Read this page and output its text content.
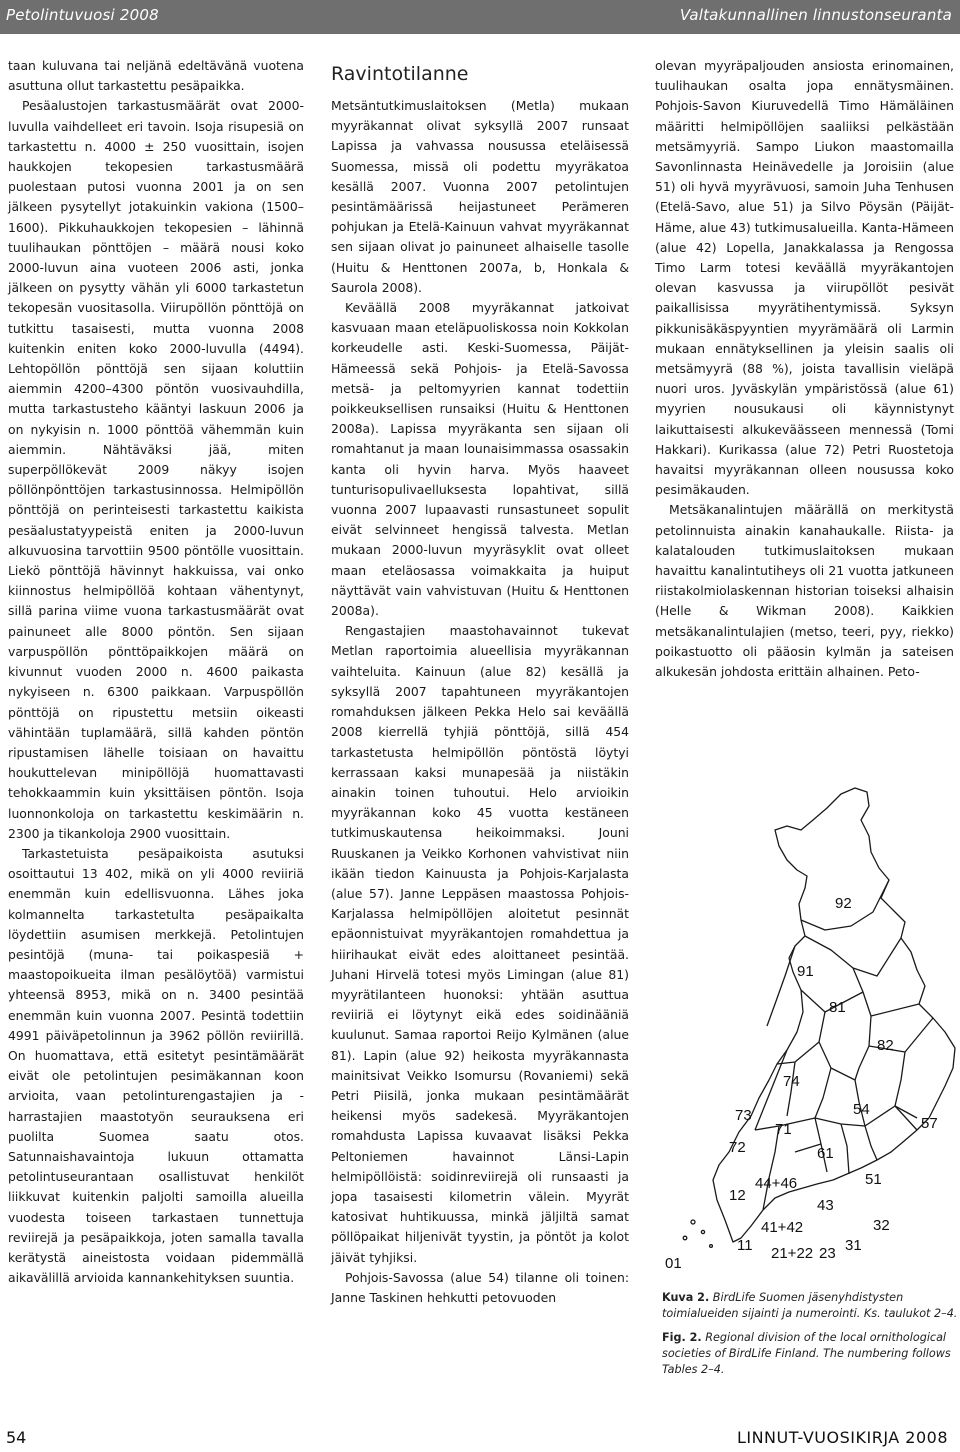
Petolintuvuosi 2008	Valtakunnallinen linnustonseuranta

taan kuluvana tai neljänä edeltävänä vuotena asuttuna ollut tarkastettu pesäpaikka.

Pesäalustojen tarkastusmäärät ovat 2000-luvulla vaihdelleet eri tavoin. Isoja risupesiä on tarkastettu n. 4000 ± 250 vuosittain, isojen haukkojen tekopesien tarkastusmäärä puolestaan putosi vuonna 2001 ja on sen jälkeen pysytellyt jotakuinkin vakiona (1500–1600). Pikkuhaukkojen tekopesien – lähinnä tuulihaukan pönttöjen – määrä nousi koko 2000-luvun aina vuoteen 2006 asti, jonka jälkeen on pysytty vähän yli 6000 tarkastetun tekopesän vuositasolla. Viirupöllön pönttöjä on tutkittu tasaisesti, mutta vuonna 2008 kuitenkin eniten koko 2000-luvulla (4494). Lehtopöllön pönttöjä sen sijaan koluttiin aiemmin 4200–4300 pöntön vuosivauhdilla, mutta tarkastusteho kääntyi laskuun 2006 ja on nykyisin n. 1000 pönttöä vähemmän kuin aiemmin. Nähtäväksi jää, miten superpöllökevät 2009 näkyy isojen pöllönpönttöjen tarkastusinnossa. Helmipöllön pönttöjä on perinteisesti tarkastettu kaikista pesäalustatyypeistä eniten ja 2000-luvun alkuvuosina tarvottiin 9500 pöntölle vuosittain. Liekö pönttöjä hävinnyt hakkuissa, vai onko kiinnostus helmipöllöä kohtaan vähentynyt, sillä parina viime vuona tarkastusmäärät ovat painuneet alle 8000 pöntön. Sen sijaan varpuspöllön pönttöpaikkojen määrä on kivunnut vuoden 2000 n. 4600 paikasta nykyiseen n. 6300 paikkaan. Varpuspöllön pönttöjä on ripustettu metsiin oikeasti vähintään tuplamäärä, sillä kahden pöntön ripustamisen lähelle toisiaan on havaittu houkuttelevan minipöllöjä huomattavasti tehokkaammin kuin yksittäisen pöntön. Isoja luonnonkoloja on tarkastettu keskimäärin n. 2300 ja tikankoloja 2900 vuosittain.

Tarkastetuista pesäpaikoista asutuksi osoittautui 13 402, mikä on yli 4000 reviiriä enemmän kuin edellisvuonna. Lähes joka kolmannelta tarkastetulta pesäpaikalta löydettiin asumisen merkkejä. Petolintujen pesintöjä (muna- tai poikaspesiä + maastopoikueita ilman pesälöytöä) varmistui yhteensä 8953, mikä on n. 3400 pesintää enemmän kuin vuonna 2007. Pesintä todettiin 4991 päiväpetolinnun ja 3962 pöllön reviirillä. On huomattava, että esitetyt pesintämäärät eivät ole petolintujen pesimäkannan koon arvioita, vaan petolinturengastajien ja -harrastajien maastotyön seurauksena eri puolilta Suomea saatu otos. Satunnaishavaintoja lukuun ottamatta petolintuseurantaan osallistuvat henkilöt liikkuvat kuitenkin paljolti samoilla alueilla vuodesta toiseen tarkastaen tunnettuja reviirejä ja pesäpaikkoja, joten samalla tavalla kerätystä aineistosta voidaan pidemmällä aikavälillä arvioida kannankehityksen suuntia.

Ravintotilanne

Metsäntutkimuslaitoksen (Metla) mukaan myyräkannat olivat syksyllä 2007 runsaat Lapissa ja vahvassa nousussa eteläisessä Suomessa, missä oli podettu myyräkatoa kesällä 2007. Vuonna 2007 petolintujen pesintämäärissä heijastuneet Perämeren pohjukan ja Etelä-Kainuun vahvat myyräkannat sen sijaan olivat jo painuneet alhaiselle tasolle (Huitu & Henttonen 2007a, b, Honkala & Saurola 2008).

Keväällä 2008 myyräkannat jatkoivat kasvuaan maan eteläpuoliskossa noin Kokkolan korkeudelle asti. Keski-Suomessa, Päijät-Hämeessä sekä Pohjois- ja Etelä-Savossa metsä- ja peltomyyrien kannat todettiin poikkeuksellisen runsaiksi (Huitu & Henttonen 2008a). Lapissa myyräkanta sen sijaan oli romahtanut ja maan lounaisimmassa osassakin kanta oli hyvin harva. Myös haaveet tunturisopulivaelluksesta lopahtivat, sillä vuonna 2007 lupaavasti runsastuneet sopulit eivät selvinneet hengissä talvesta. Metlan mukaan 2000-luvun myyräsyklit ovat olleet maan eteläosassa voimakkaita ja huiput näyttävät vain vahvistuvan (Huitu & Henttonen 2008a).

Rengastajien maastohavainnot tukevat Metlan raportoimia alueellisia myyräkannan vaihteluita. Kainuun (alue 82) kesällä ja syksyllä 2007 tapahtuneen myyräkantojen romahduksen jälkeen Pekka Helo sai keväällä 2008 kierrellä tyhjiä pönttöjä, sillä 454 tarkastetusta helmipöllön pöntöstä löytyi kerrassaan kaksi munapesää ja niistäkin ainakin toinen tuhoutui. Helo arvioikin myyräkannan koko 45 vuotta kestäneen tutkimuskautensa heikoimmaksi. Jouni Ruuskanen ja Veikko Korhonen vahvistivat niin ikään tiedon Kainuusta ja Pohjois-Karjalasta (alue 57). Janne Leppäsen maastossa Pohjois-Karjalassa helmipöllöjen aloitetut pesinnät epäonnistuivat myyräkantojen romahdettua ja hiirihaukat eivät edes aloittaneet pesintää. Juhani Hirvelä totesi myös Limingan (alue 81) myyrätilanteen huonoksi: yhtään asuttua reviiriä ei löytynyt eikä edes soidinääniä kuulunut. Samaa raportoi Reijo Kylmänen (alue 81). Lapin (alue 92) heikosta myyräkannasta mainitsivat Veikko Isomursu (Rovaniemi) sekä Petri Piisilä, jonka mukaan pesintämäärät heikensi myös sadekesä. Myyräkantojen romahdusta Lapissa kuvaavat lisäksi Pekka Peltoniemen havainnot Länsi-Lapin helmipöllöistä: soidinreviirejä oli runsaasti ja jopa tasaisesti kilometrin välein. Myyrät katosivat huhtikuussa, minkä jäljiltä samat pöllöpaikat hiljenivät tyystin, ja pöntöt ja kolot jäivät tyhjiksi.

Pohjois-Savossa (alue 54) tilanne oli toinen: Janne Taskinen hehkutti petovuoden

olevan myyräpaljouden ansiosta erinomainen, tuulihaukan osalta jopa ennätysmäinen. Pohjois-Savon Kiuruvedellä Timo Hämäläinen määritti helmipöllöjen saaliiksi pelkästään metsämyyriä. Sampo Liukon maastomailla Savonlinnasta Heinävedelle ja Joroisiin (alue 51) oli hyvä myyrävuosi, samoin Juha Tenhusen (Etelä-Savo, alue 51) ja Silvo Pöysän (Päijät-Häme, alue 43) tutkimusalueilla. Kanta-Hämeen (alue 42) Lopella, Janakkalassa ja Rengossa Timo Larm totesi keväällä myyräkantojen olevan kasvussa ja viirupöllöt pesivät paikallisissa myyrätihentymissä. Syksyn pikkunisäkäspyyntien myyrämäärä oli Larmin mukaan ennätyksellinen ja yleisin saalis oli metsämyyrä (88 %), joista tavallisin vieläpä nuori uros. Jyväskylän ympäristössä (alue 61) myyrien nousukausi oli käynnistynyt laikuttaisesti alkukeväässeen mennessä (Tomi Hakkari). Kurikassa (alue 72) Petri Ruostetoja havaitsi myyräkannan olleen nousussa koko pesimäkauden.

Metsäkanalintujen määrällä on merkitystä petolinnuista ainakin kanahaukalle. Riista- ja kalatalouden tutkimuslaitoksen mukaan havaittu kanalintutiheys oli 21 vuotta jatkuneen riistakolmiolaskennan historian toiseksi alhaisin (Helle & Wikman 2008). Kaikkien metsäkanalintulajien (metso, teeri, pyy, riekko) poikastuotto oli pääosin kylmän ja sateisen alkukesän johdosta erittäin alhainen. Peto-

92
91
81
82
74
73
71
72
54
57
61
12
44+46	51
43
41+42	32
11	31
23
21+22
01
Kuva 2. BirdLife Suomen jäsenyhdistysten toimialueiden sijainti ja numerointi. Ks. taulukot 2–4.
Fig. 2. Regional division of the local ornithological societies of BirdLife Finland. The numbering follows Tables 2–4.
54	LINNUT-VUOSIKIRJA 2008
